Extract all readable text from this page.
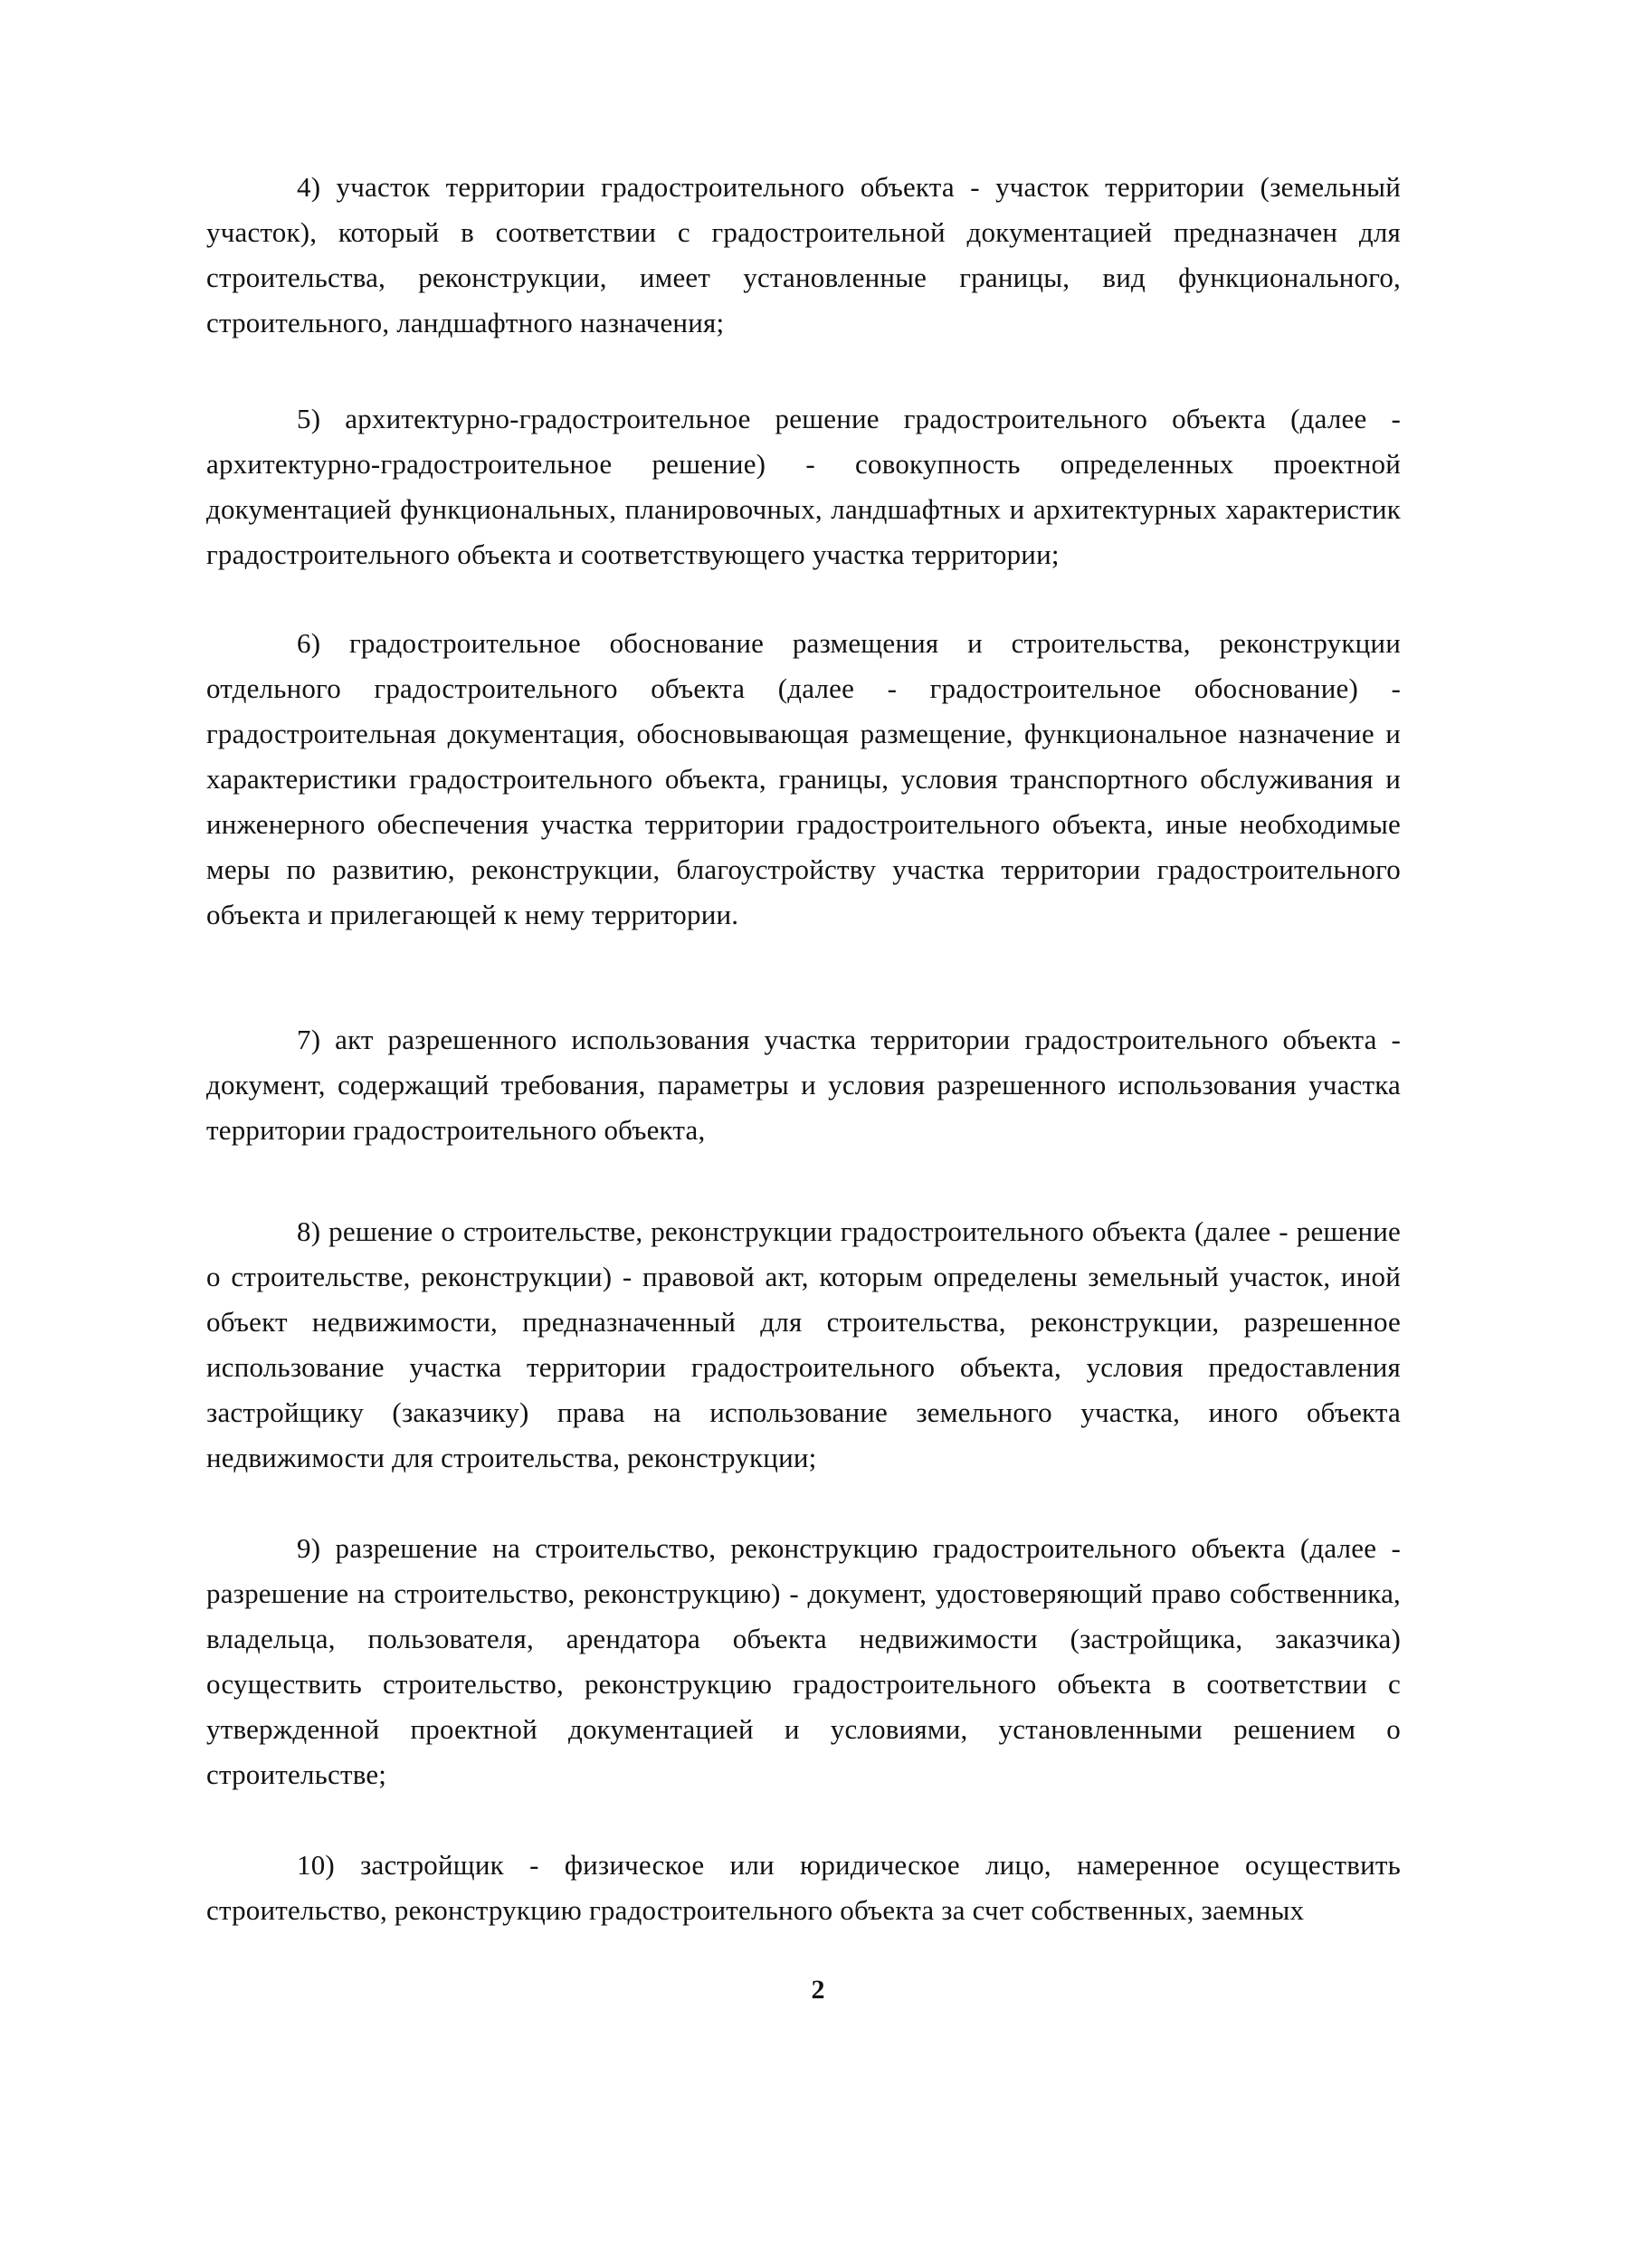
4) участок территории градостроительного объекта - участок территории (земельный участок), который в соответствии с градостроительной документацией предназначен для строительства, реконструкции, имеет установленные границы, вид функционального, строительного, ландшафтного назначения;

5) архитектурно-градостроительное решение градостроительного объекта (далее - архитектурно-градостроительное решение) - совокупность определенных проектной документацией функциональных, планировочных, ландшафтных и архитектурных характеристик градостроительного объекта и соответствующего участка территории;

6) градостроительное обоснование размещения и строительства, реконструкции отдельного градостроительного объекта (далее - градостроительное обоснование) - градостроительная документация, обосновывающая размещение, функциональное назначение и характеристики градостроительного объекта, границы, условия транспортного обслуживания и инженерного обеспечения участка территории градостроительного объекта, иные необходимые меры по развитию, реконструкции, благоустройству участка территории градостроительного объекта и прилегающей к нему территории.

7) акт разрешенного использования участка территории градостроительного объекта - документ, содержащий требования, параметры и условия разрешенного использования участка территории градостроительного объекта,

8) решение о строительстве, реконструкции градостроительного объекта (далее - решение о строительстве, реконструкции) - правовой акт, которым определены земельный участок, иной объект недвижимости, предназначенный для строительства, реконструкции, разрешенное использование участка территории градостроительного объекта, условия предоставления застройщику (заказчику) права на использование земельного участка, иного объекта недвижимости для строительства, реконструкции;

9) разрешение на строительство, реконструкцию градостроительного объекта (далее - разрешение на строительство, реконструкцию) - документ, удостоверяющий право собственника, владельца, пользователя, арендатора объекта недвижимости (застройщика, заказчика) осуществить строительство, реконструкцию градостроительного объекта в соответствии с утвержденной проектной документацией и условиями, установленными решением о строительстве;

10) застройщик - физическое или юридическое лицо, намеренное осуществить строительство, реконструкцию градостроительного объекта за счет собственных, заемных

2
